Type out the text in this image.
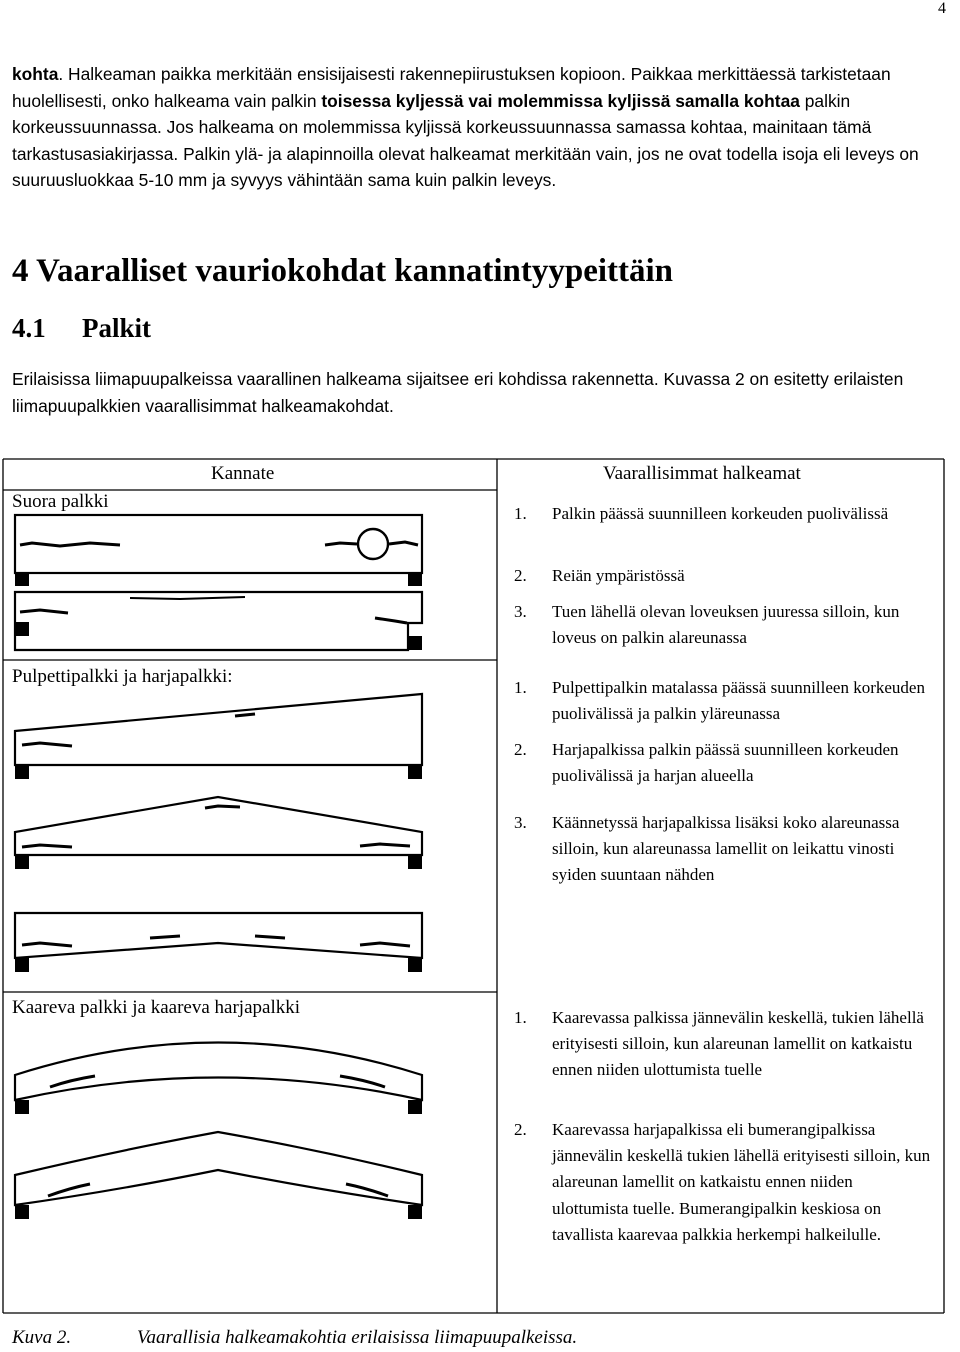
4

kohta. Halkeaman paikka merkitään ensisijaisesti rakennepiirustuksen kopioon. Paikkaa merkittäessä tarkistetaan huolellisesti, onko halkeama vain palkin toisessa kyljessä vai molemmissa kyljissä samalla kohtaa palkin korkeussuunnassa. Jos halkeama on molemmissa kyljissä korkeussuunnassa samassa kohtaa, mainitaan tämä tarkastusasiakirjassa. Palkin ylä- ja alapinnoilla olevat halkeamat merkitään vain, jos ne ovat todella isoja eli leveys on suuruusluokkaa 5-10 mm ja syvyys vähintään sama kuin palkin leveys.

4 Vaaralliset vauriokohdat kannatintyypeittäin
4.1 Palkit

Erilaisissa liimapuupalkeissa vaarallinen halkeama sijaitsee eri kohdissa rakennetta. Kuvassa 2 on esitetty erilaisten liimapuupalkkien vaarallisimmat halkeamakohdat.

Kannate	Vaarallisimmat halkeamat
Suora palkki
Pulpettipalkki ja harjapalkki:
Kaareva palkki ja kaareva harjapalkki
1. Palkin päässä suunnilleen korkeuden puolivälissä
2. Reiän ympäristössä
3. Tuen lähellä olevan loveuksen juuressa silloin, kun loveus on palkin alareunassa
1. Pulpettipalkin matalassa päässä suunnilleen korkeuden puolivälissä ja palkin yläreunassa
2. Harjapalkissa palkin päässä suunnilleen korkeuden puolivälissä ja harjan alueella
3. Käännetyssä harjapalkissa lisäksi koko alareunassa silloin, kun alareunassa lamellit on leikattu vinosti syiden suuntaan nähden
1. Kaarevassa palkissa jännevälin keskellä, tukien lähellä erityisesti silloin, kun alareunan lamellit on katkaistu ennen niiden ulottumista tuelle
2. Kaarevassa harjapalkissa eli bumerangipalkissa jännevälin keskellä tukien lähellä erityisesti silloin, kun alareunan lamellit on katkaistu ennen niiden ulottumista tuelle. Bumerangipalkin keskiosa on tavallista kaarevaa palkkia herkempi halkeilulle.
Kuva 2.	Vaarallisia halkeamakohtia erilaisissa liimapuupalkeissa.
